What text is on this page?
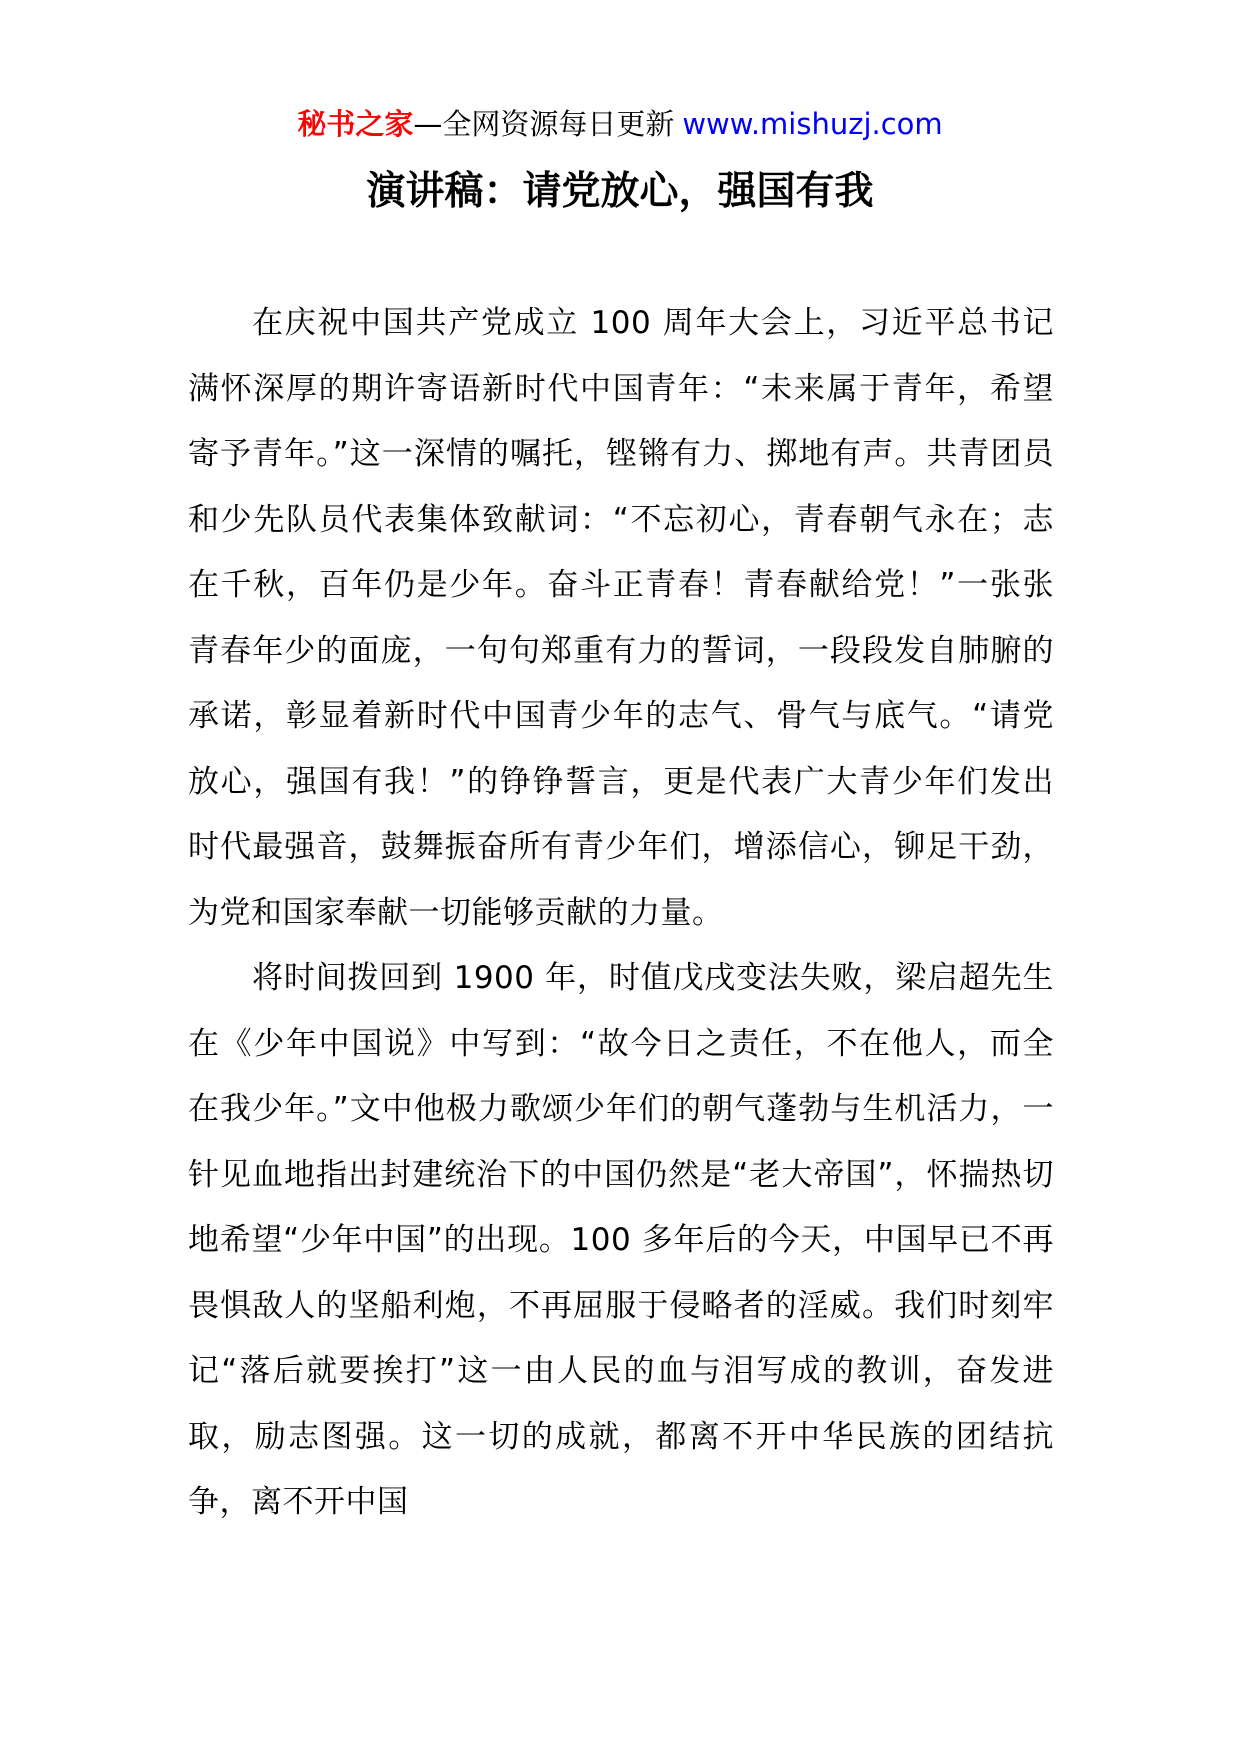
秘书之家—全网资源每日更新 www.mishuzj.com
演讲稿：请党放心，强国有我

在庆祝中国共产党成立 100 周年大会上，习近平总书记满怀深厚的期许寄语新时代中国青年：“未来属于青年，希望寄予青年。”这一深情的嘱托，铿锵有力、掷地有声。共青团员和少先队员代表集体致献词：“不忘初心，青春朝气永在；志在千秋，百年仍是少年。奋斗正青春！青春献给党！”一张张青春年少的面庞，一句句郑重有力的誓词，一段段发自肺腑的承诺，彰显着新时代中国青少年的志气、骨气与底气。“请党放心，强国有我！”的铮铮誓言，更是代表广大青少年们发出时代最强音，鼓舞振奋所有青少年们，增添信心，铆足干劲，为党和国家奉献一切能够贡献的力量。

将时间拨回到 1900 年，时值戊戌变法失败，梁启超先生在《少年中国说》中写到：“故今日之责任，不在他人，而全在我少年。”文中他极力歌颂少年们的朝气蓬勃与生机活力，一针见血地指出封建统治下的中国仍然是“老大帝国”，怀揣热切地希望“少年中国”的出现。100 多年后的今天，中国早已不再畏惧敌人的坚船利炮，不再屈服于侵略者的淫威。我们时刻牢记“落后就要挨打”这一由人民的血与泪写成的教训，奋发进取，励志图强。这一切的成就，都离不开中华民族的团结抗争，离不开中国
